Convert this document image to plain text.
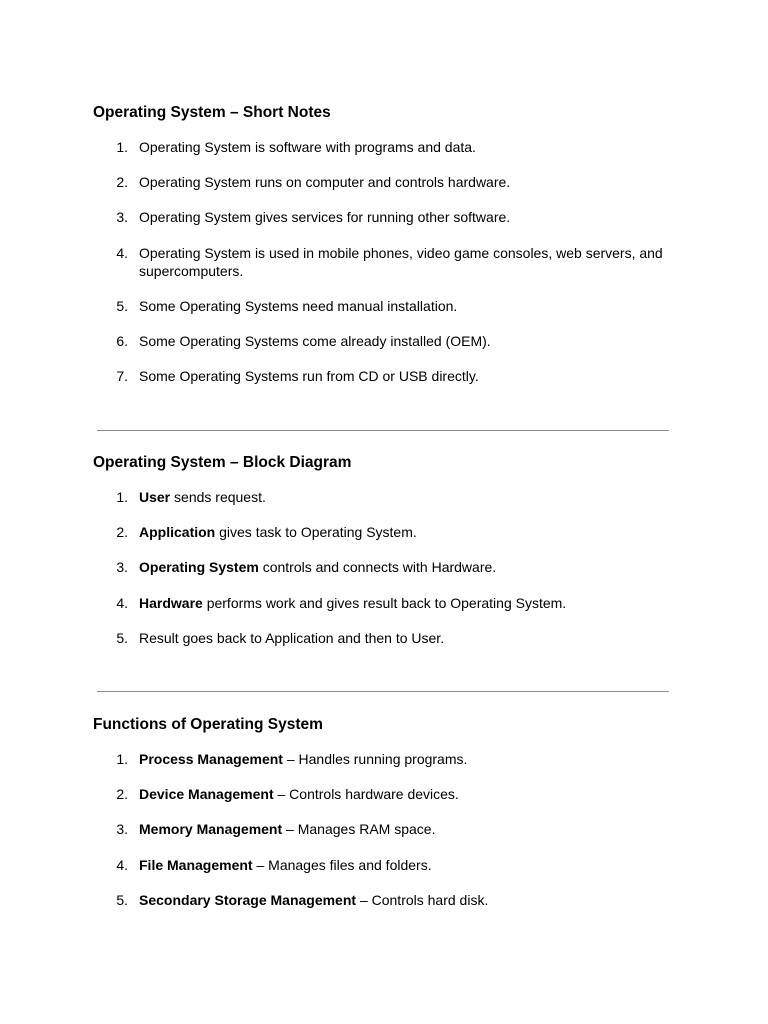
Operating System – Short Notes
1. Operating System is software with programs and data.
2. Operating System runs on computer and controls hardware.
3. Operating System gives services for running other software.
4. Operating System is used in mobile phones, video game consoles, web servers, and supercomputers.
5. Some Operating Systems need manual installation.
6. Some Operating Systems come already installed (OEM).
7. Some Operating Systems run from CD or USB directly.
Operating System – Block Diagram
1. User sends request.
2. Application gives task to Operating System.
3. Operating System controls and connects with Hardware.
4. Hardware performs work and gives result back to Operating System.
5. Result goes back to Application and then to User.
Functions of Operating System
1. Process Management – Handles running programs.
2. Device Management – Controls hardware devices.
3. Memory Management – Manages RAM space.
4. File Management – Manages files and folders.
5. Secondary Storage Management – Controls hard disk.
